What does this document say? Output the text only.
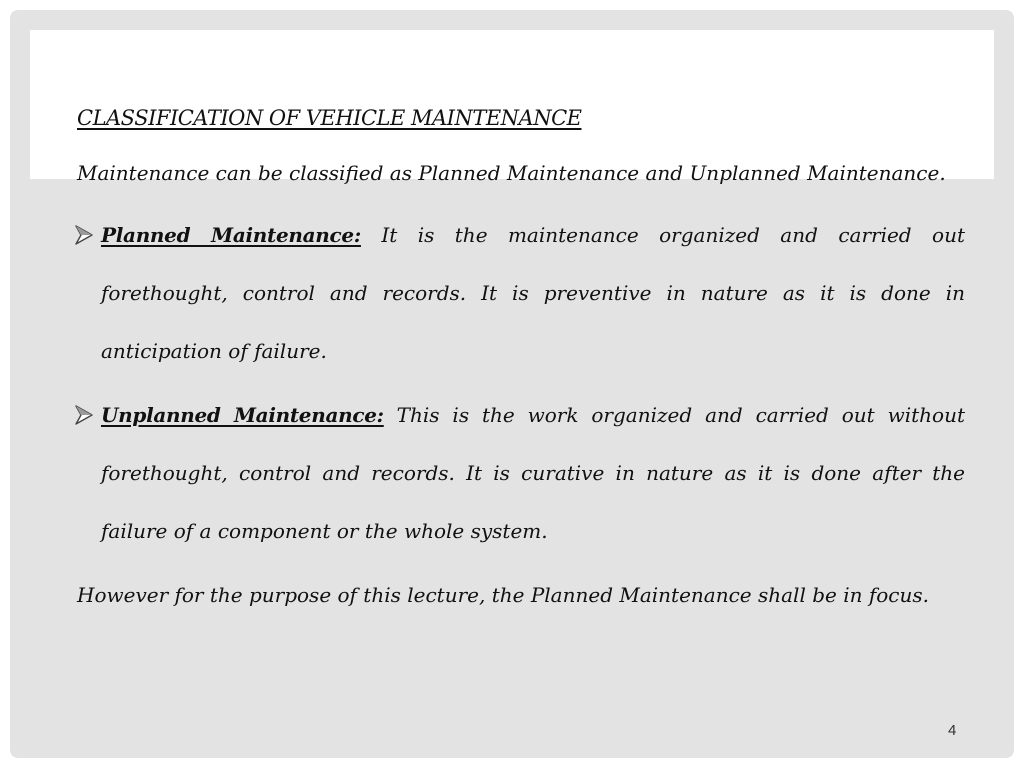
CLASSIFICATION OF VEHICLE MAINTENANCE

Maintenance can be classified as Planned Maintenance and Unplanned Maintenance.

Planned Maintenance: It is the maintenance organized and carried out forethought, control and records. It is preventive in nature as it is done in anticipation of failure.
Unplanned Maintenance: This is the work organized and carried out without forethought, control and records. It is curative in nature as it is done after the failure of a component or the whole system.

However for the purpose of this lecture, the Planned Maintenance shall be in focus.

4
